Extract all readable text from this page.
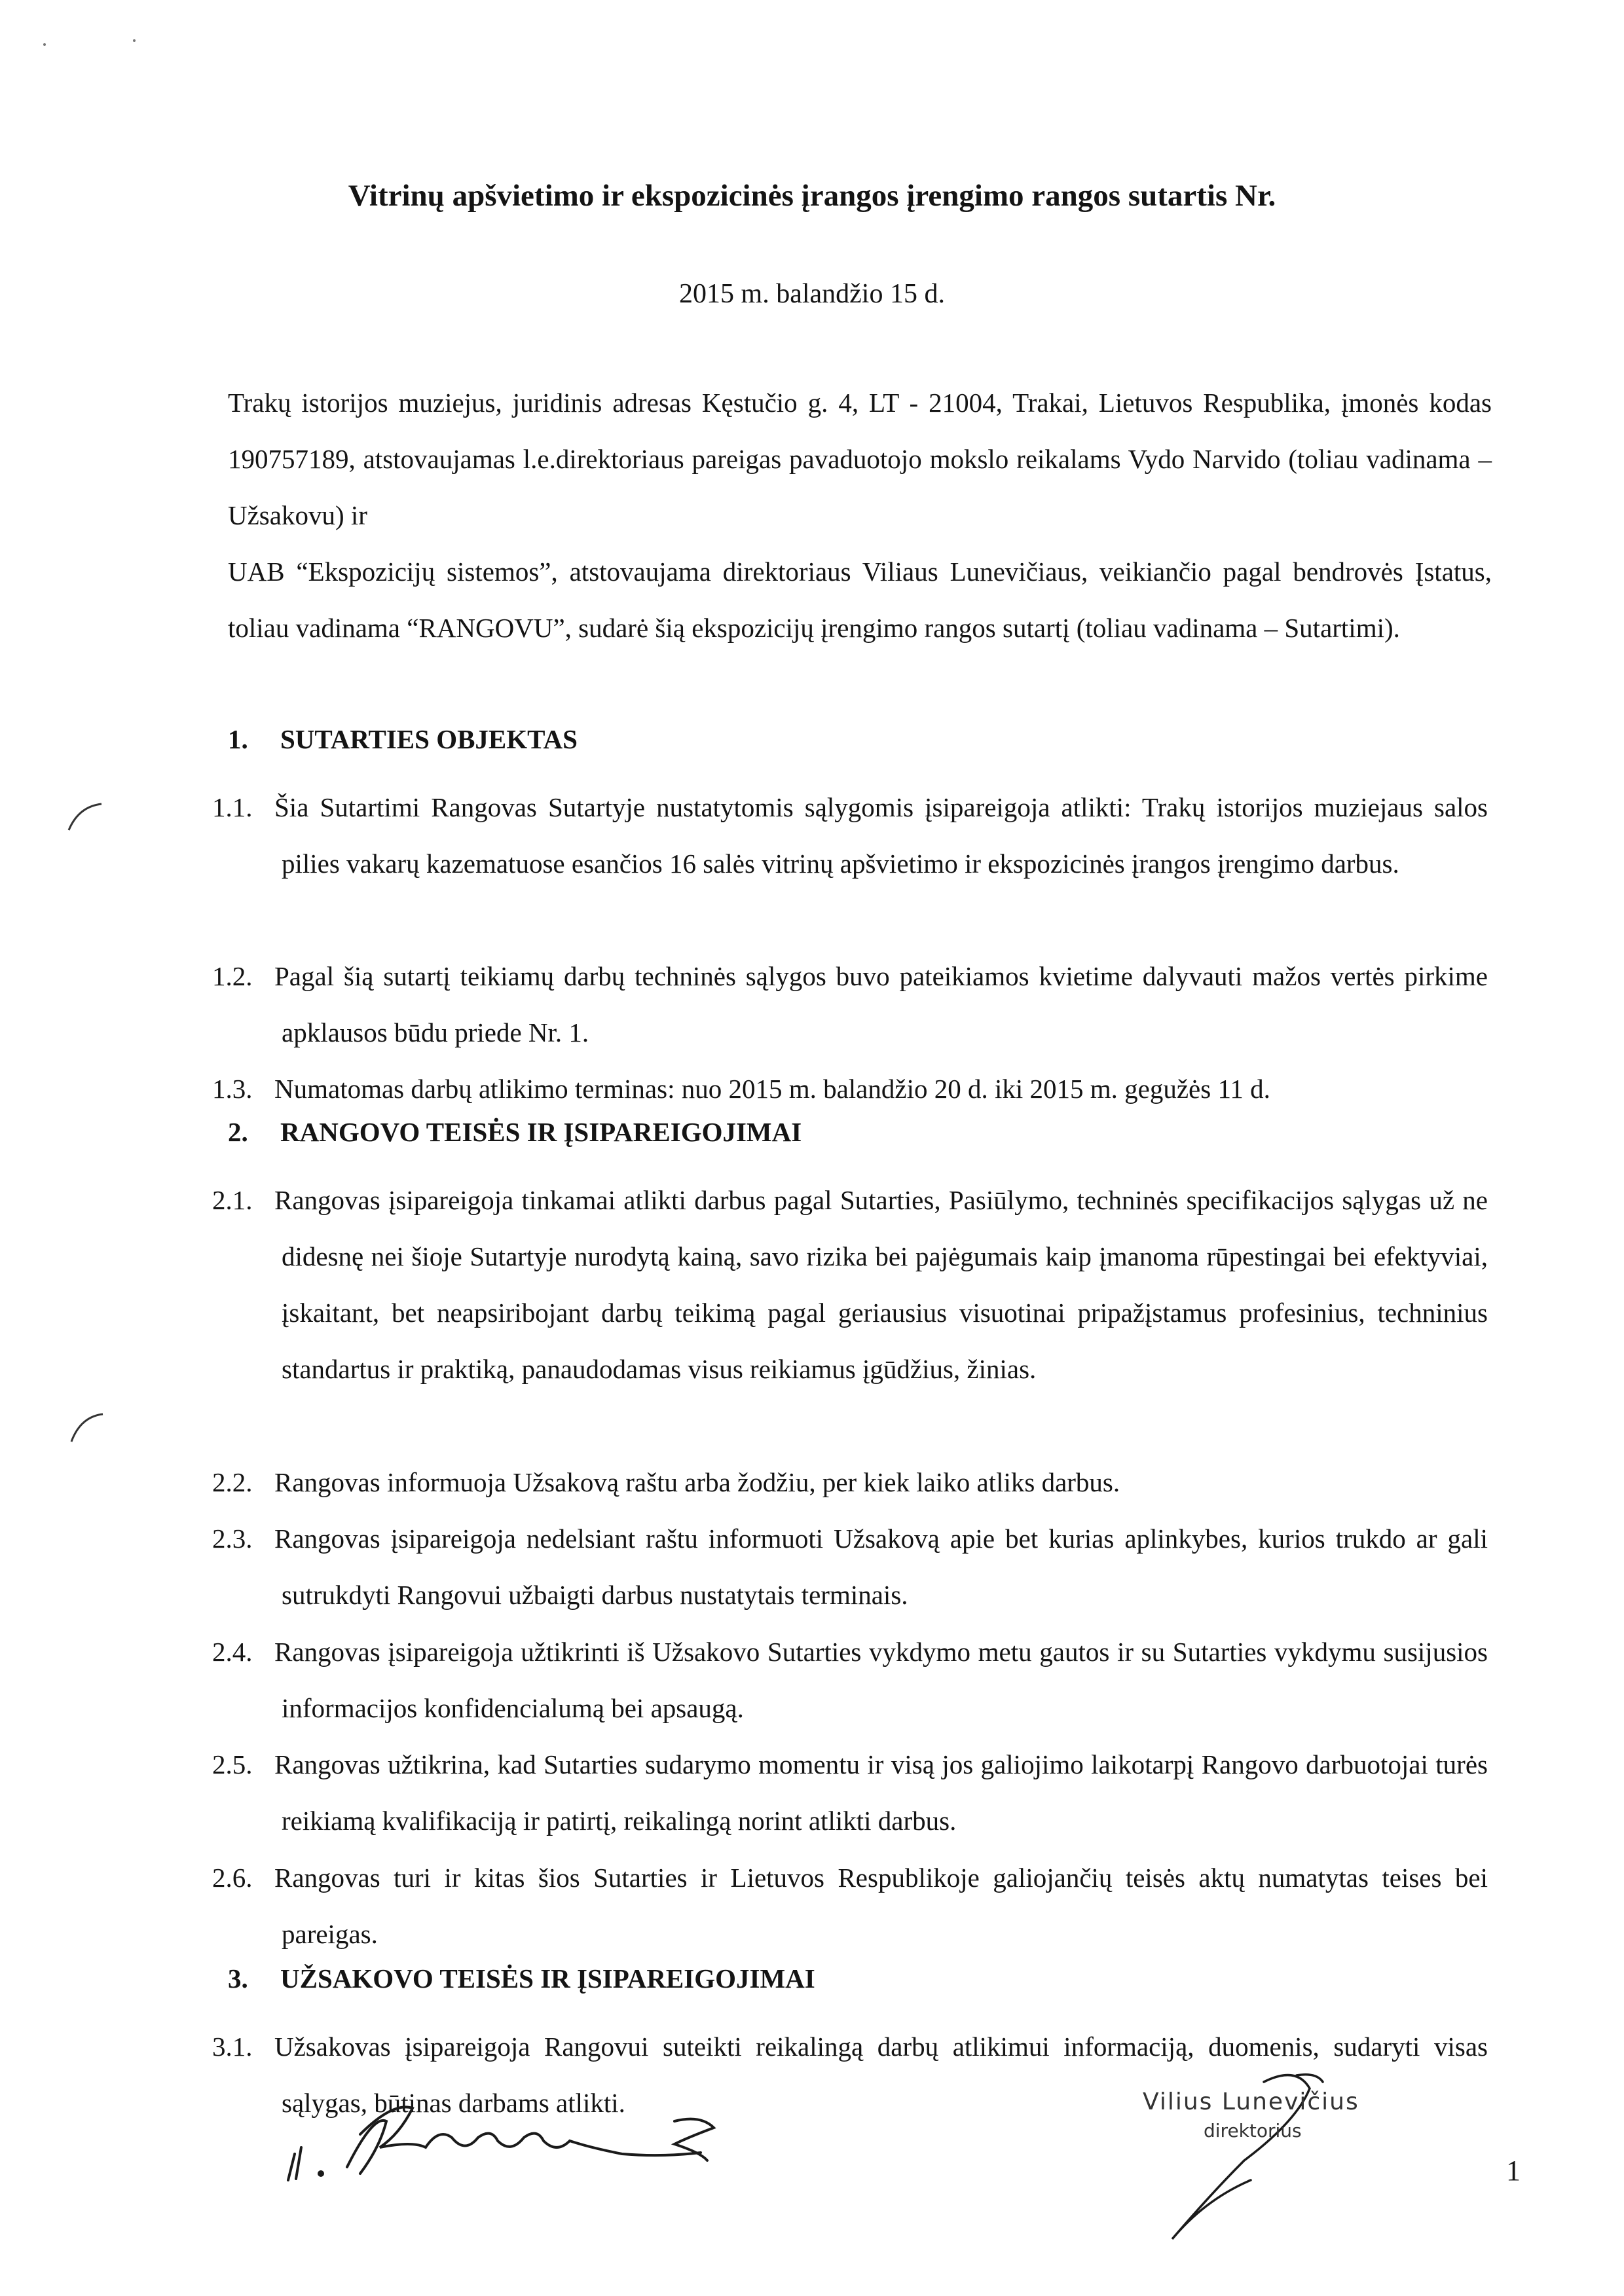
Vitrinų apšvietimo ir ekspozicinės įrangos įrengimo rangos sutartis Nr.
2015 m. balandžio 15 d.

Trakų istorijos muziejus, juridinis adresas Kęstučio g. 4, LT - 21004, Trakai, Lietuvos Respublika, įmonės kodas 190757189, atstovaujamas l.e.direktoriaus pareigas pavaduotojo mokslo reikalams Vydo Narvido (toliau vadinama – Užsakovu) ir

UAB “Ekspozicijų sistemos”, atstovaujama direktoriaus Viliaus Lunevičiaus, veikiančio pagal bendrovės Įstatus, toliau vadinama “RANGOVU”, sudarė šią ekspozicijų įrengimo rangos sutartį (toliau vadinama – Sutartimi).

1. SUTARTIES OBJEKTAS
1.1. Šia Sutartimi Rangovas Sutartyje nustatytomis sąlygomis įsipareigoja atlikti: Trakų istorijos muziejaus salos pilies vakarų kazematuose esančios 16 salės vitrinų apšvietimo ir ekspozicinės įrangos įrengimo darbus.
1.2. Pagal šią sutartį teikiamų darbų techninės sąlygos buvo pateikiamos kvietime dalyvauti mažos vertės pirkime apklausos būdu priede Nr. 1.
1.3. Numatomas darbų atlikimo terminas: nuo 2015 m. balandžio 20 d. iki 2015 m. gegužės 11 d.
2. RANGOVO TEISĖS IR ĮSIPAREIGOJIMAI
2.1. Rangovas įsipareigoja tinkamai atlikti darbus pagal Sutarties, Pasiūlymo, techninės specifikacijos sąlygas už ne didesnę nei šioje Sutartyje nurodytą kainą, savo rizika bei pajėgumais kaip įmanoma rūpestingai bei efektyviai, įskaitant, bet neapsiribojant darbų teikimą pagal geriausius visuotinai pripažįstamus profesinius, techninius standartus ir praktiką, panaudodamas visus reikiamus įgūdžius, žinias.
2.2. Rangovas informuoja Užsakovą raštu arba žodžiu, per kiek laiko atliks darbus.
2.3. Rangovas įsipareigoja nedelsiant raštu informuoti Užsakovą apie bet kurias aplinkybes, kurios trukdo ar gali sutrukdyti Rangovui užbaigti darbus nustatytais terminais.
2.4. Rangovas įsipareigoja užtikrinti iš Užsakovo Sutarties vykdymo metu gautos ir su Sutarties vykdymu susijusios informacijos konfidencialumą bei apsaugą.
2.5. Rangovas užtikrina, kad Sutarties sudarymo momentu ir visą jos galiojimo laikotarpį Rangovo darbuotojai turės reikiamą kvalifikaciją ir patirtį, reikalingą norint atlikti darbus.
2.6. Rangovas turi ir kitas šios Sutarties ir Lietuvos Respublikoje galiojančių teisės aktų numatytas teises bei pareigas.
3. UŽSAKOVO TEISĖS IR ĮSIPAREIGOJIMAI
3.1. Užsakovas įsipareigoja Rangovui suteikti reikalingą darbų atlikimui informaciją, duomenis, sudaryti visas sąlygas, būtinas darbams atlikti.	Vilius Lunevičius
direktorius
1
